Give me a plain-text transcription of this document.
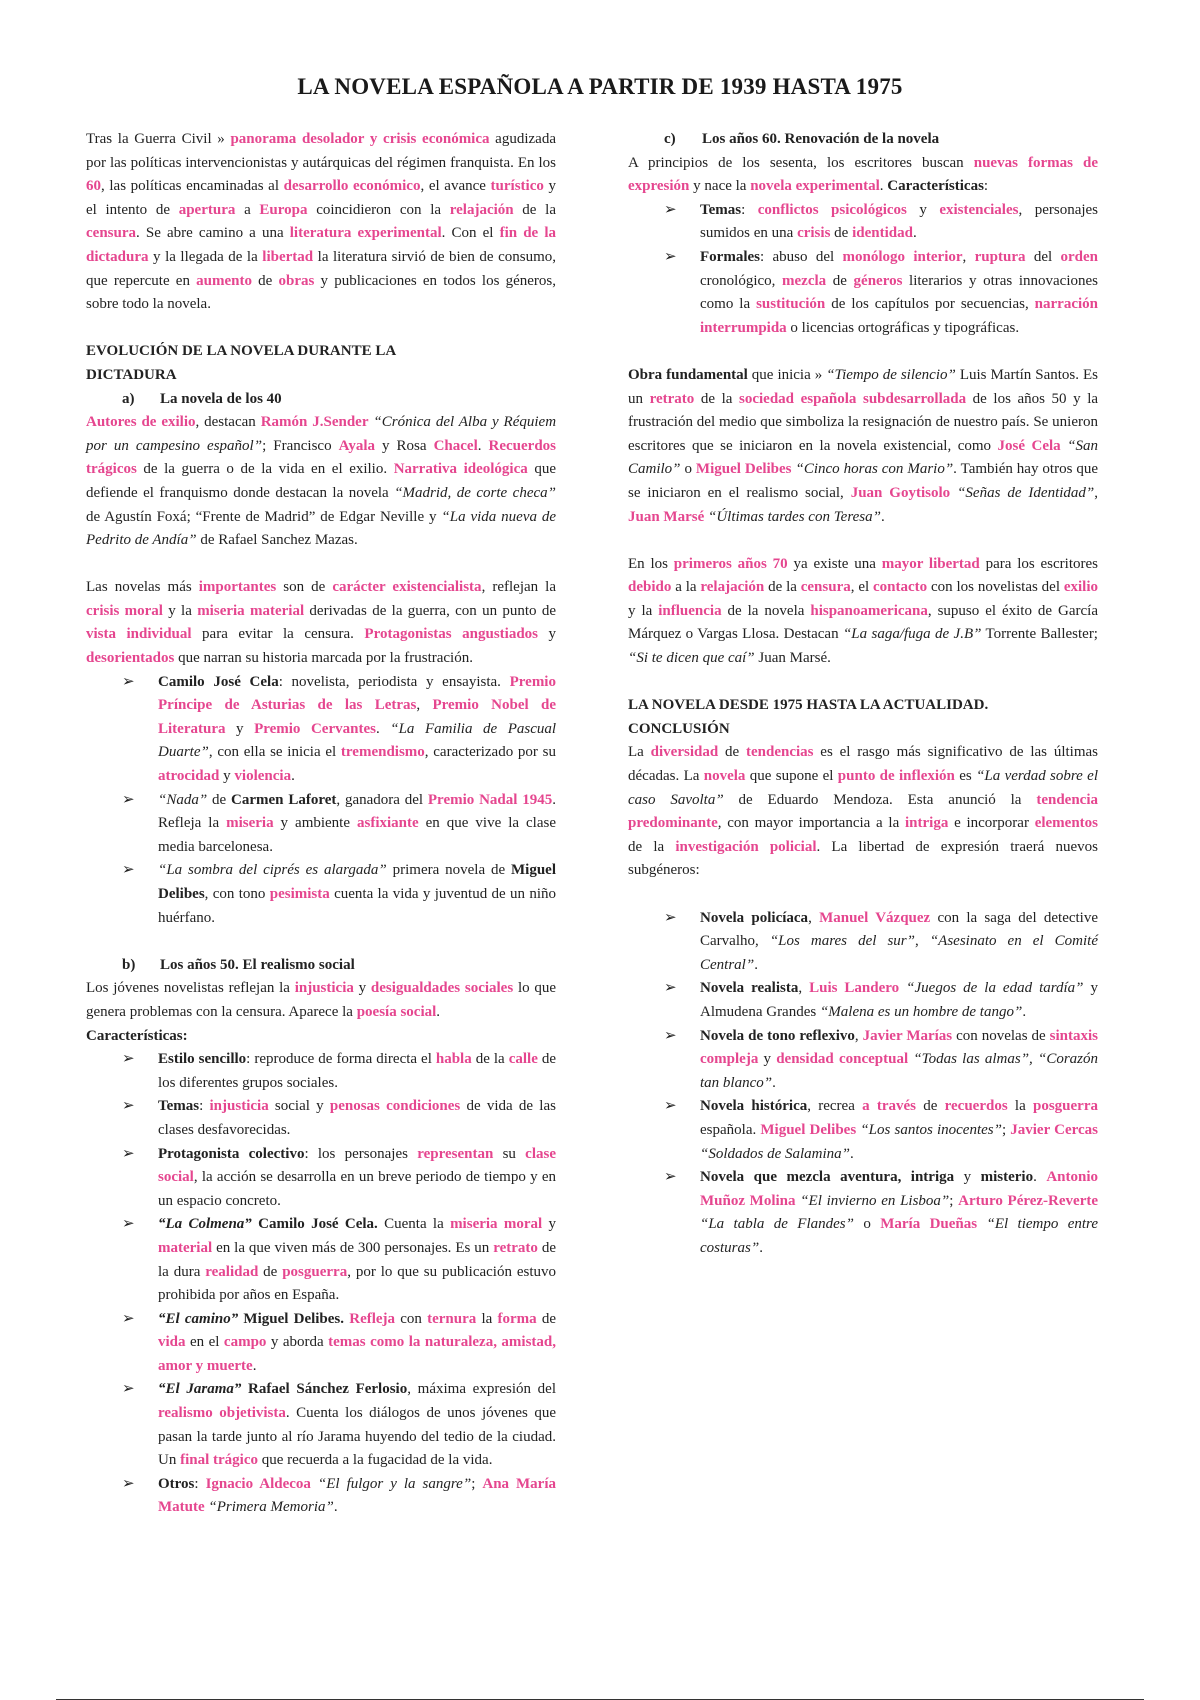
LA NOVELA ESPAÑOLA A PARTIR DE 1939 HASTA 1975

Tras la Guerra Civil » panorama desolador y crisis económica agudizada por las políticas intervencionistas y autárquicas del régimen franquista. En los 60, las políticas encaminadas al desarrollo económico, el avance turístico y el intento de apertura a Europa coincidieron con la relajación de la censura. Se abre camino a una literatura experimental. Con el fin de la dictadura y la llegada de la libertad la literatura sirvió de bien de consumo, que repercute en aumento de obras y publicaciones en todos los géneros, sobre todo la novela.

EVOLUCIÓN DE LA NOVELA DURANTE LA
DICTADURA
a) La novela de los 40

Autores de exilio, destacan Ramón J.Sender “Crónica del Alba y Réquiem por un campesino español”; Francisco Ayala y Rosa Chacel. Recuerdos trágicos de la guerra o de la vida en el exilio. Narrativa ideológica que defiende el franquismo donde destacan la novela “Madrid, de corte checa” de Agustín Foxá; “Frente de Madrid” de Edgar Neville y “La vida nueva de Pedrito de Andía” de Rafael Sanchez Mazas.

Las novelas más importantes son de carácter existencialista, reflejan la crisis moral y la miseria material derivadas de la guerra, con un punto de vista individual para evitar la censura. Protagonistas angustiados y desorientados que narran su historia marcada por la frustración.

➢ Camilo José Cela: novelista, periodista y ensayista. Premio Príncipe de Asturias de las Letras, Premio Nobel de Literatura y Premio Cervantes. “La Familia de Pascual Duarte”, con ella se inicia el tremendismo, caracterizado por su atrocidad y violencia.
➢ “Nada” de Carmen Laforet, ganadora del Premio Nadal 1945. Refleja la miseria y ambiente asfixiante en que vive la clase media barcelonesa.
➢ “La sombra del ciprés es alargada” primera novela de Miguel Delibes, con tono pesimista cuenta la vida y juventud de un niño huérfano.
b) Los años 50. El realismo social

Los jóvenes novelistas reflejan la injusticia y desigualdades sociales lo que genera problemas con la censura. Aparece la poesía social.

Características:
➢ Estilo sencillo: reproduce de forma directa el habla de la calle de los diferentes grupos sociales.
➢ Temas: injusticia social y penosas condiciones de vida de las clases desfavorecidas.
➢ Protagonista colectivo: los personajes representan su clase social, la acción se desarrolla en un breve periodo de tiempo y en un espacio concreto.
➢ “La Colmena” Camilo José Cela. Cuenta la miseria moral y material en la que viven más de 300 personajes. Es un retrato de la dura realidad de posguerra, por lo que su publicación estuvo prohibida por años en España.
➢ “El camino” Miguel Delibes. Refleja con ternura la forma de vida en el campo y aborda temas como la naturaleza, amistad, amor y muerte.
➢ “El Jarama” Rafael Sánchez Ferlosio, máxima expresión del realismo objetivista. Cuenta los diálogos de unos jóvenes que pasan la tarde junto al río Jarama huyendo del tedio de la ciudad. Un final trágico que recuerda a la fugacidad de la vida.
➢ Otros: Ignacio Aldecoa “El fulgor y la sangre”; Ana María Matute “Primera Memoria”.
c) Los años 60. Renovación de la novela

A principios de los sesenta, los escritores buscan nuevas formas de expresión y nace la novela experimental. Características:

➢ Temas: conflictos psicológicos y existenciales, personajes sumidos en una crisis de identidad.
➢ Formales: abuso del monólogo interior, ruptura del orden cronológico, mezcla de géneros literarios y otras innovaciones como la sustitución de los capítulos por secuencias, narración interrumpida o licencias ortográficas y tipográficas.

Obra fundamental que inicia » “Tiempo de silencio” Luis Martín Santos. Es un retrato de la sociedad española subdesarrollada de los años 50 y la frustración del medio que simboliza la resignación de nuestro país. Se unieron escritores que se iniciaron en la novela existencial, como José Cela “San Camilo” o Miguel Delibes “Cinco horas con Mario”. También hay otros que se iniciaron en el realismo social, Juan Goytisolo “Señas de Identidad”, Juan Marsé “Últimas tardes con Teresa”.

En los primeros años 70 ya existe una mayor libertad para los escritores debido a la relajación de la censura, el contacto con los novelistas del exilio y la influencia de la novela hispanoamericana, supuso el éxito de García Márquez o Vargas Llosa. Destacan “La saga/fuga de J.B” Torrente Ballester; “Si te dicen que caí” Juan Marsé.

LA NOVELA DESDE 1975 HASTA LA ACTUALIDAD.
CONCLUSIÓN

La diversidad de tendencias es el rasgo más significativo de las últimas décadas. La novela que supone el punto de inflexión es “La verdad sobre el caso Savolta” de Eduardo Mendoza. Esta anunció la tendencia predominante, con mayor importancia a la intriga e incorporar elementos de la investigación policial. La libertad de expresión traerá nuevos subgéneros:

➢ Novela policíaca, Manuel Vázquez con la saga del detective Carvalho, “Los mares del sur”, “Asesinato en el Comité Central”.
➢ Novela realista, Luis Landero “Juegos de la edad tardía” y Almudena Grandes “Malena es un hombre de tango”.
➢ Novela de tono reflexivo, Javier Marías con novelas de sintaxis compleja y densidad conceptual “Todas las almas”, “Corazón tan blanco”.
➢ Novela histórica, recrea a través de recuerdos la posguerra española. Miguel Delibes “Los santos inocentes”; Javier Cercas “Soldados de Salamina”.
➢ Novela que mezcla aventura, intriga y misterio. Antonio Muñoz Molina “El invierno en Lisboa”; Arturo Pérez-Reverte “La tabla de Flandes” o María Dueñas “El tiempo entre costuras”.
